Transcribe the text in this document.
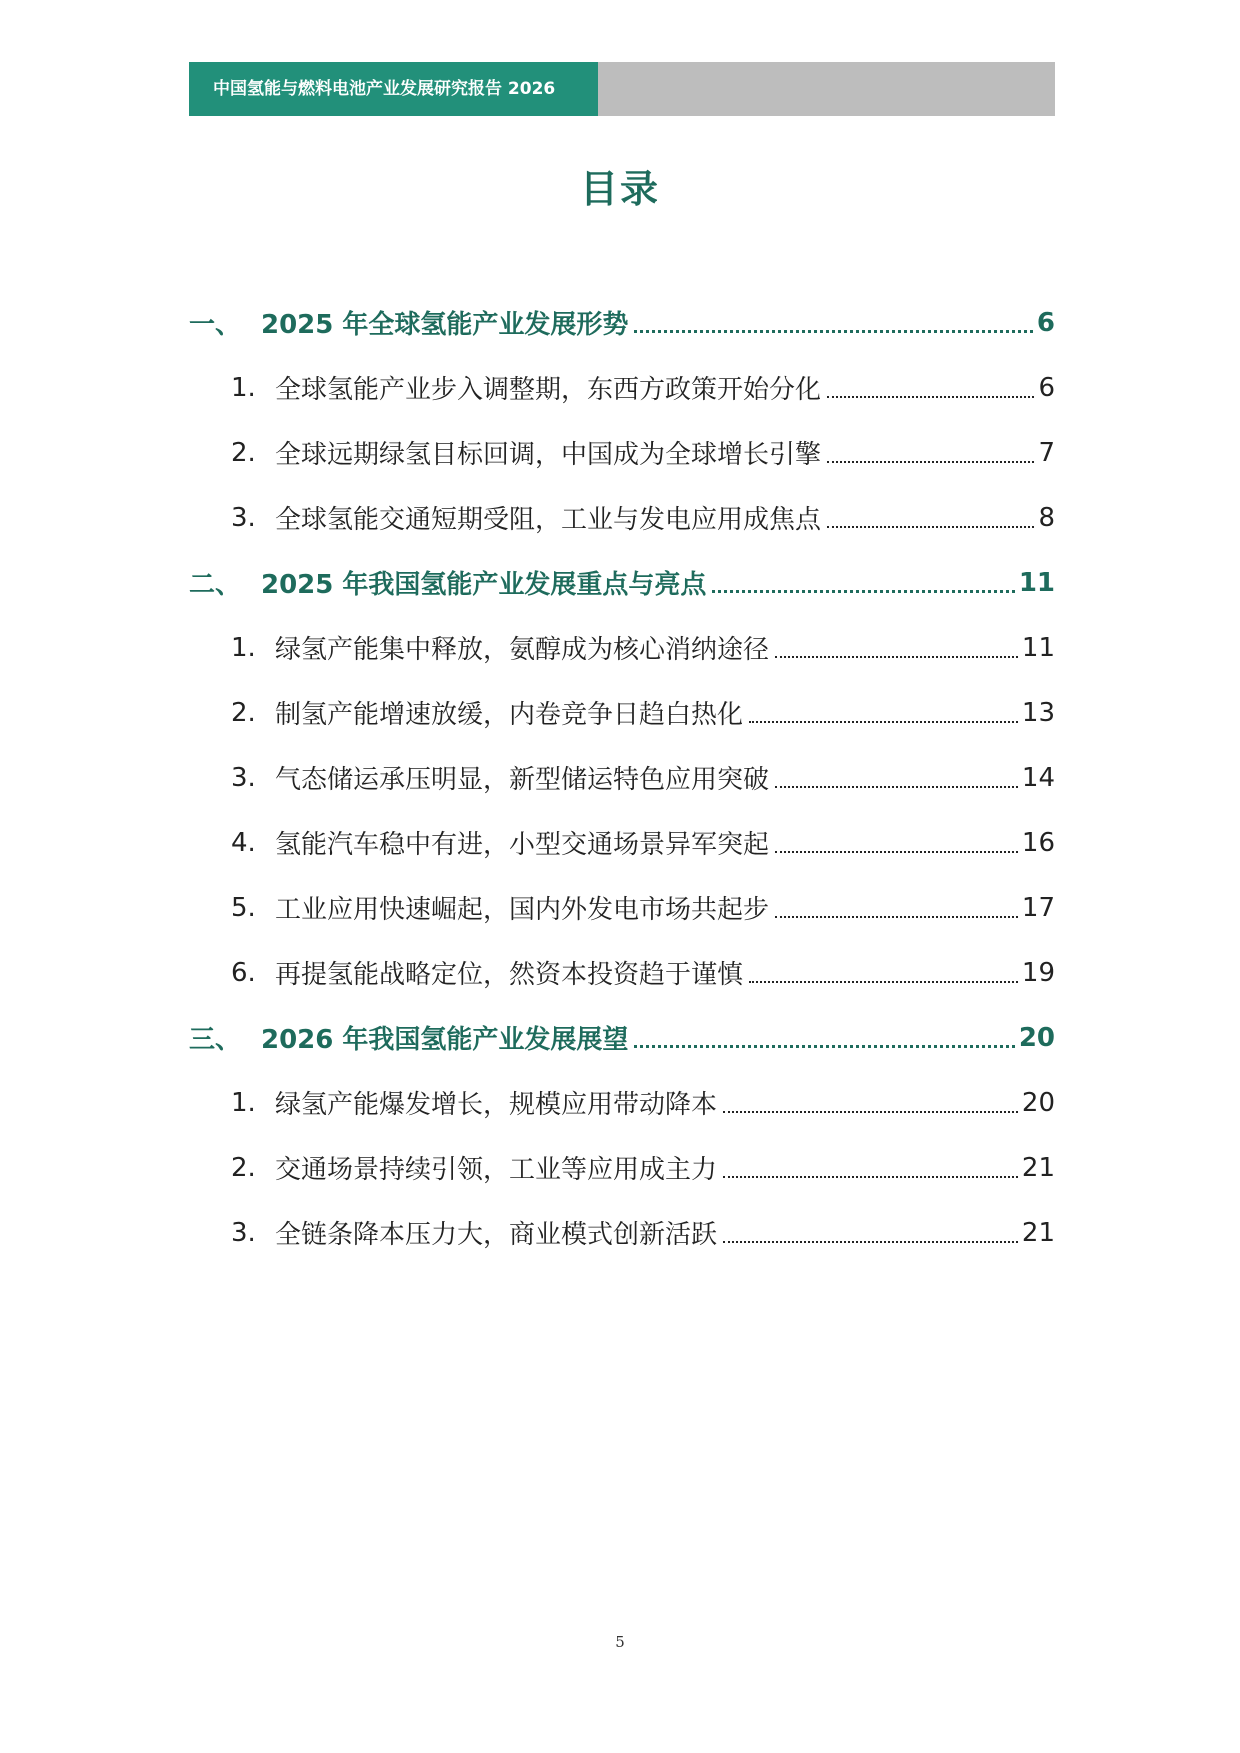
中国氢能与燃料电池产业发展研究报告 2026
目录
一、 2025 年全球氢能产业发展形势	6
1. 全球氢能产业步入调整期，东西方政策开始分化	6
2. 全球远期绿氢目标回调，中国成为全球增长引擎	7
3. 全球氢能交通短期受阻，工业与发电应用成焦点	8
二、 2025 年我国氢能产业发展重点与亮点	11
1. 绿氢产能集中释放，氨醇成为核心消纳途径	11
2. 制氢产能增速放缓，内卷竞争日趋白热化	13
3. 气态储运承压明显，新型储运特色应用突破	14
4. 氢能汽车稳中有进，小型交通场景异军突起	16
5. 工业应用快速崛起，国内外发电市场共起步	17
6. 再提氢能战略定位，然资本投资趋于谨慎	19
三、 2026 年我国氢能产业发展展望	20
1. 绿氢产能爆发增长，规模应用带动降本	20
2. 交通场景持续引领，工业等应用成主力	21
3. 全链条降本压力大，商业模式创新活跃	21
5
